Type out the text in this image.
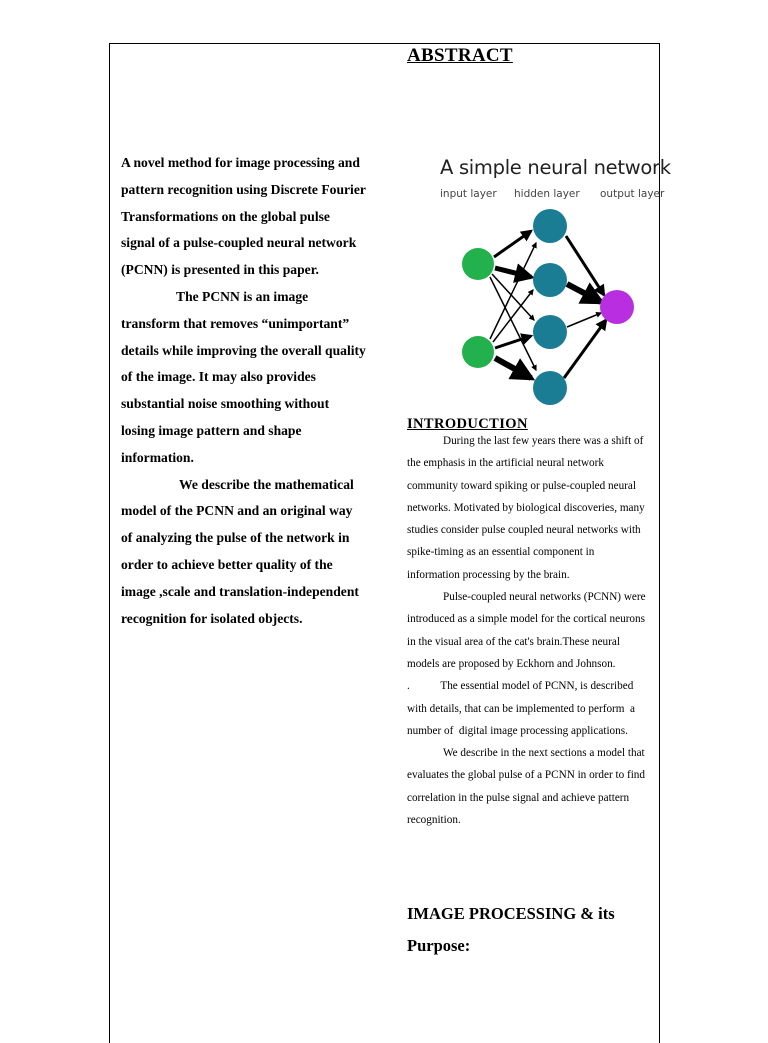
ABSTRACT

A novel method for image processing and pattern recognition using Discrete Fourier Transformations on the global pulse signal of a pulse-coupled neural network (PCNN) is presented in this paper.

The PCNN is an image transform that removes “unimportant” details while improving the overall quality of the image. It may also provides substantial noise smoothing without losing image pattern and shape information.

We describe the mathematical model of the PCNN and an original way of analyzing the pulse of the network in order to achieve better quality of the image ,scale and translation-independent recognition for isolated objects.

A simple neural network
input layer hidden layer output layer
INTRODUCTION

During the last few years there was a shift of the emphasis in the artificial neural network community toward spiking or pulse-coupled neural networks. Motivated by biological discoveries, many studies consider pulse coupled neural networks with spike-timing as an essential component in information processing by the brain.

Pulse-coupled neural networks (PCNN) were introduced as a simple model for the cortical neurons in the visual area of the cat's brain.These neural models are proposed by Eckhorn and Johnson.

.           The essential model of PCNN, is described with details, that can be implemented to perform  a number of  digital image processing applications.

We describe in the next sections a model that evaluates the global pulse of a PCNN in order to find correlation in the pulse signal and achieve pattern recognition.

IMAGE PROCESSING & its Purpose:
